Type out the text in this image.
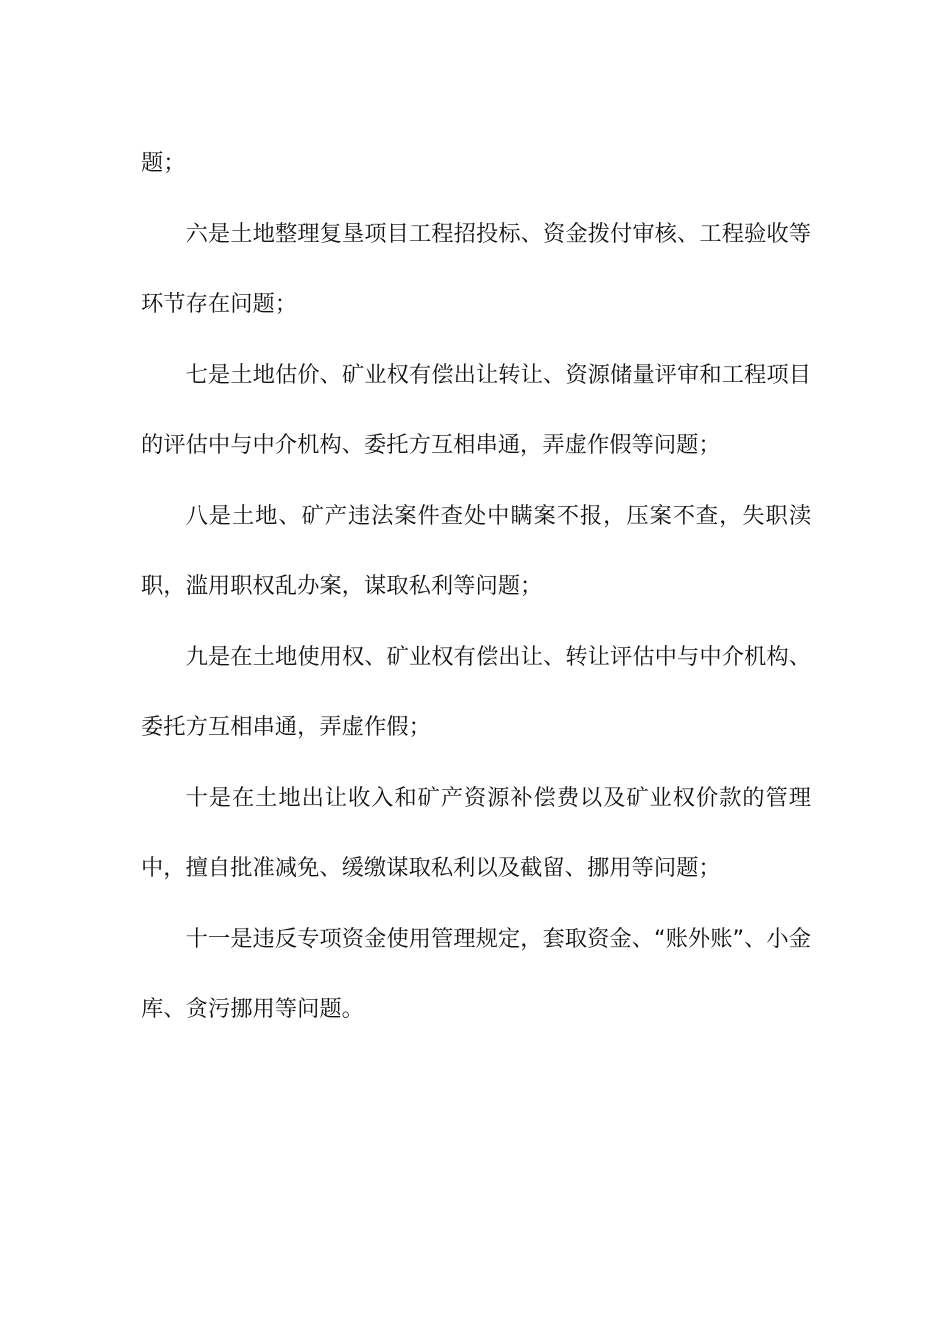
题；

六是土地整理复垦项目工程招投标、资金拨付审核、工程验收等环节存在问题；

七是土地估价、矿业权有偿出让转让、资源储量评审和工程项目的评估中与中介机构、委托方互相串通，弄虚作假等问题；

八是土地、矿产违法案件查处中瞒案不报，压案不查，失职渎职，滥用职权乱办案，谋取私利等问题；

九是在土地使用权、矿业权有偿出让、转让评估中与中介机构、委托方互相串通，弄虚作假；

十是在土地出让收入和矿产资源补偿费以及矿业权价款的管理中，擅自批准减免、缓缴谋取私利以及截留、挪用等问题；

十一是违反专项资金使用管理规定，套取资金、“账外账”、小金库、贪污挪用等问题。
